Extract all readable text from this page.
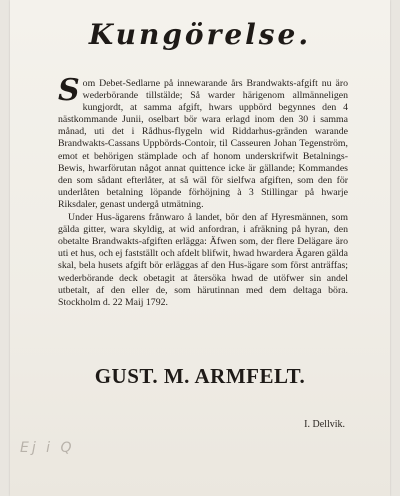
Kungörelse.

Som Debet-Sedlarne på innewarande års Brandwakts-afgift nu äro wederbörande tillstälde; Så warder härigenom allmänneligen kungjordt, at samma afgift, hwars uppbörd begynnes den 4 nästkommande Junii, oselbart bör wara erlagd inom den 30 i samma månad, uti det i Rådhus-flygeln wid Riddarhus-gränden warande Brandwakts-Cassans Uppbörds-Contoir, til Casseuren Johan Tegenström, emot et behörigen stämplade och af honom underskrifwit Betalnings-Bewis, hwarförutan något annat quittence icke är gällande; Kommandes den som sådant efterlåter, at så wäl för sielfwa afgiften, som den för underlåten betalning löpande förhöjning à 3 Stillingar på hwarje Riksdaler, genast undergå utmätning.

Under Hus-ägarens frånwaro å landet, bör den af Hyresmännen, som gälda gitter, wara skyldig, at wid anfordran, i afräkning på hyran, den obetalte Brandwakts-afgiften erlägga: Äfwen som, der flere Delägare äro uti et hus, och ej fastställt och afdelt blifwit, hwad hwardera Ägaren gälda skal, bela husets afgift bör erläggas af den Hus-ägare som först anträffas; wederbörande deck obetagit at återsöka hwad de utöfwer sin andel utbetalt, af den eller de, som härutinnan med dem deltaga böra. Stockholm d. 22 Maij 1792.

GUST. M. ARMFELT.
I. Dellvik.
Ej i Q
